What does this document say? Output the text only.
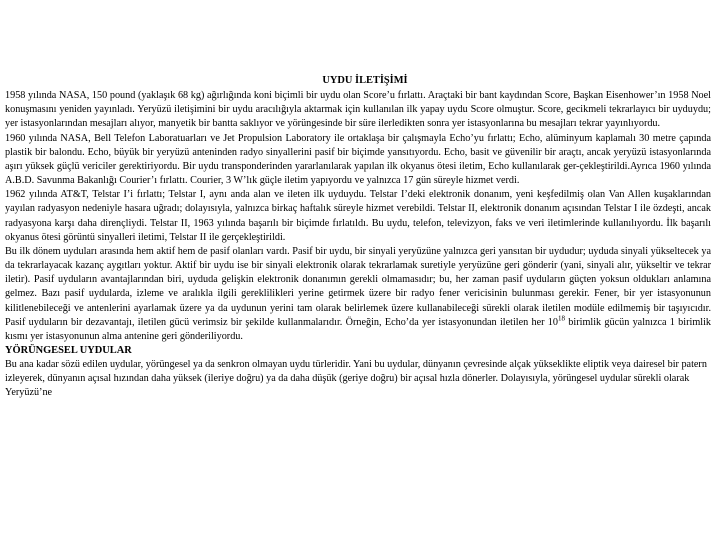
UYDU İLETİŞİMİ

1958 yılında NASA, 150 pound (yaklaşık 68 kg) ağırlığında koni biçimli bir uydu olan Score’u fırlattı. Araçtaki bir bant kaydından Score, Başkan Eisenhower’ın 1958 Noel konuşmasını yeniden yayınladı. Yeryüzü iletişimini bir uydu aracılığıyla aktarmak için kullanılan ilk yapay uydu Score olmuştur. Score, gecikmeli tekrarlayıcı bir uyduydu; yer istasyonlarından mesajları alıyor, manyetik bir bantta saklıyor ve yörüngesinde bir süre ilerledikten sonra yer istasyonlarına bu mesajları tekrar yayınlıyordu.

1960 yılında NASA, Bell Telefon Laboratuarları ve Jet Propulsion Laboratory ile ortaklaşa bir çalışmayla Echo’yu fırlattı; Echo, alüminyum kaplamalı 30 metre çapında plastik bir balondu. Echo, büyük bir yeryüzü anteninden radyo sinyallerini pasif bir biçimde yansıtıyordu. Echo, basit ve güvenilir bir araçtı, ancak yeryüzü istasyonlarında aşırı yüksek güçlü vericiler gerektiriyordu. Bir uydu transponderinden yararlanılarak yapılan ilk okyanus ötesi iletim, Echo kullanılarak ger-çekleştirildi.Ayrıca 1960 yılında A.B.D. Savunma Bakanlığı Courier’ı fırlattı. Courier, 3 W’lık güçle iletim yapıyordu ve yalnızca 17 gün süreyle hizmet verdi.

1962 yılında AT&T, Telstar I’i fırlattı; Telstar I, aynı anda alan ve ileten ilk uyduydu. Telstar I’deki elektronik donanım, yeni keşfedilmiş olan Van Allen kuşaklarından yayılan radyasyon nedeniyle hasara uğradı; dolayısıyla, yalnızca birkaç haftalık süreyle hizmet verebildi. Telstar II, elektronik donanım açısından Telstar I ile özdeşti, ancak radyasyona karşı daha dirençliydi. Telstar II, 1963 yılında başarılı bir biçimde fırlatıldı. Bu uydu, telefon, televizyon, faks ve veri iletimlerinde kullanılıyordu. İlk başarılı okyanus ötesi görüntü sinyalleri iletimi, Telstar II ile gerçekleştirildi.

Bu ilk dönem uyduları arasında hem aktif hem de pasif olanları vardı. Pasif bir uydu, bir sinyali yeryüzüne yalnızca geri yansıtan bir uydudur; uyduda sinyali yükseltecek ya da tekrarlayacak kazanç aygıtları yoktur. Aktif bir uydu ise bir sinyali elektronik olarak tekrarlamak suretiyle yeryüzüne geri gönderir (yani, sinyali alır, yükseltir ve tekrar iletir). Pasif uyduların avantajlarından biri, uyduda gelişkin elektronik donanımın gerekli olmamasıdır; bu, her zaman pasif uyduların güçten yoksun oldukları anlamına gelmez. Bazı pasif uydularda, izleme ve aralıkla ilgili gereklilikleri yerine getirmek üzere bir radyo fener vericisinin bulunması gerekir. Fener, bir yer istasyonunun kilitlenebileceği ve antenlerini ayarlamak üzere ya da uydunun yerini tam olarak belirlemek üzere kullanabileceği sürekli olarak iletilen modüle edilmemiş bir taşıyıcıdır. Pasif uyduların bir dezavantajı, iletilen gücü verimsiz bir şekilde kullanmalarıdır. Örneğin, Echo’da yer istasyonundan iletilen her $10^{18}$ birimlik gücün yalnızca 1 birimlik kısmı yer istasyonunun alma antenine geri gönderiliyordu.

YÖRÜNGESEL UYDULAR

Bu ana kadar sözü edilen uydular, yörüngesel ya da senkron olmayan uydu türleridir. Yani bu uydular, dünyanın çevresinde alçak yükseklikte eliptik veya dairesel bir patern izleyerek, dünyanın açısal hızından daha yüksek (ileriye doğru) ya da daha düşük (geriye doğru) bir açısal hızla dönerler. Dolayısıyla, yörüngesel uydular sürekli olarak Yeryüzü’ne
